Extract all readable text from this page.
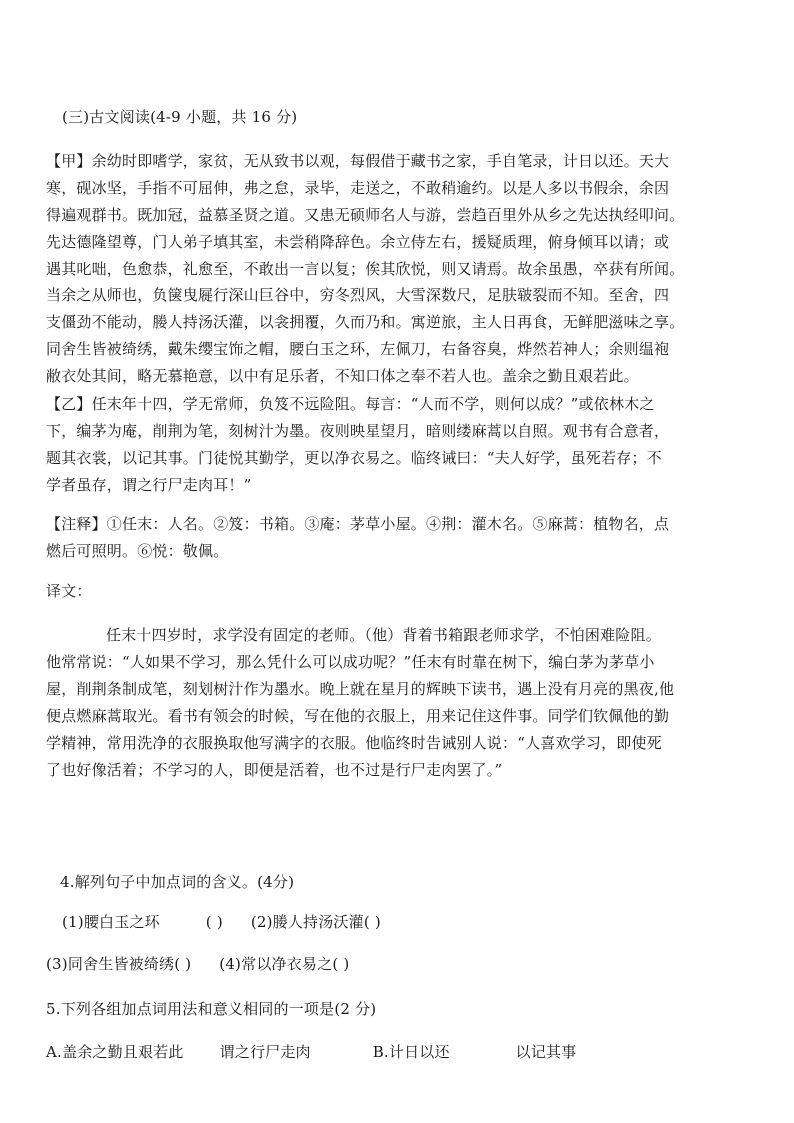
(三)古文阅读(4-9 小题，共 16 分)
【甲】余幼时即嗜学，家贫，无从致书以观，每假借于藏书之家，手自笔录，计日以还。天大
寒，砚冰坚，手指不可屈伸，弗之怠，录毕，走送之，不敢稍逾约。以是人多以书假余，余因
得遍观群书。既加冠，益慕圣贤之道。又患无硕师名人与游，尝趋百里外从乡之先达执经叩问。
先达德隆望尊，门人弟子填其室，未尝稍降辞色。余立侍左右，援疑质理，俯身倾耳以请；或
遇其叱咄，色愈恭，礼愈至，不敢出一言以复；俟其欣悦，则又请焉。故余虽愚，卒获有所闻。
当余之从师也，负箧曳屣行深山巨谷中，穷冬烈风，大雪深数尺，足肤皲裂而不知。至舍，四
支僵劲不能动，媵人持汤沃灌，以衾拥覆，久而乃和。寓逆旅，主人日再食，无鲜肥滋味之享。
同舍生皆被绮绣，戴朱缨宝饰之帽，腰白玉之环，左佩刀，右备容臭，烨然若神人；余则缊袍
敝衣处其间，略无慕艳意，以中有足乐者，不知口体之奉不若人也。盖余之勤且艰若此。
【乙】任末年十四，学无常师，负笈不远险阻。每言：“人而不学，则何以成？”或依林木之
下，编茅为庵，削荆为笔，刻树汁为墨。夜则映星望月，暗则缕麻蒿以自照。观书有合意者，
题其衣裳，以记其事。门徒悦其勤学，更以净衣易之。临终诫曰：“夫人好学，虽死若存；不
学者虽存，谓之行尸走肉耳！”
【注释】①任末：人名。②笈：书箱。③庵：茅草小屋。④荆：灌木名。⑤麻蒿：植物名，点
燃后可照明。⑥悦：敬佩。
译文：
任末十四岁时，求学没有固定的老师。（他）背着书箱跟老师求学，不怕困难险阻。
他常常说：“人如果不学习，那么凭什么可以成功呢？”任末有时靠在树下，编白茅为茅草小
屋，削荆条制成笔，刻划树汁作为墨水。晚上就在星月的辉映下读书，遇上没有月亮的黑夜,他
便点燃麻蒿取光。看书有领会的时候，写在他的衣服上，用来记住这件事。同学们钦佩他的勤
学精神，常用洗净的衣服换取他写满字的衣服。他临终时告诫别人说：“人喜欢学习，即使死
了也好像活着；不学习的人，即便是活着，也不过是行尸走肉罢了。”
4.解列句子中加点词的含义。(4分)
(1)腰白玉之环	( ) (2)媵人持汤沃灌( )
(3)同舍生皆被绮绣( ) (4)常以净衣易之( )
5.下列各组加点词用法和意义相同的一项是(2 分)
A.盖余之勤且艰若此 谓之行尸走肉	B.计日以还	以记其事
